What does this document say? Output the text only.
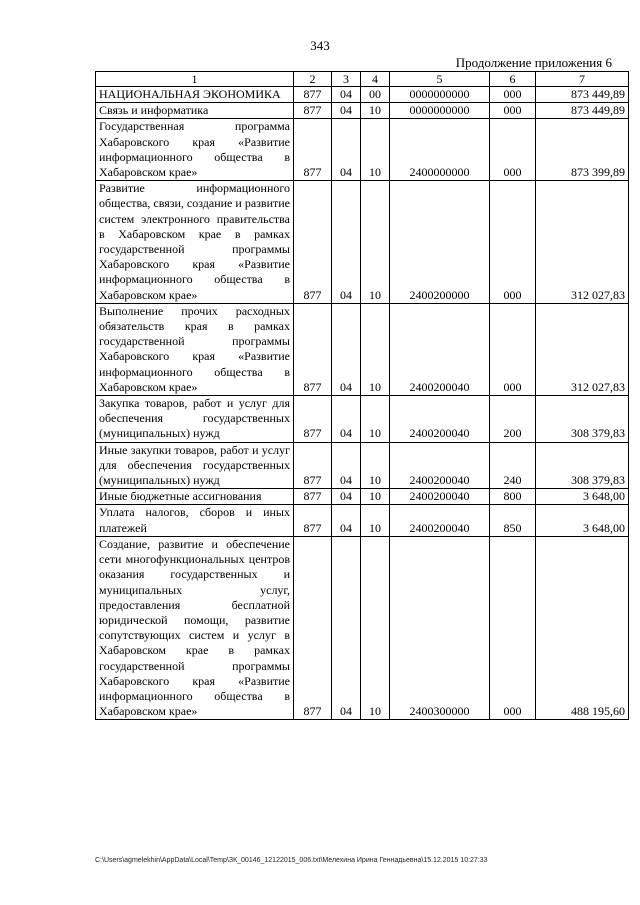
343
Продолжение приложения 6
1	2	3	4	5	6	7
НАЦИОНАЛЬНАЯ ЭКОНОМИКА	877	04	00	0000000000	000	873 449,89
Связь и информатика	877	04	10	0000000000	000	873 449,89
Государственная программа Хабаровского края «Развитие информационного общества в Хабаровском крае»	877	04	10	2400000000	000	873 399,89
Развитие информационного общества, связи, создание и развитие систем электронного правительства в Хабаровском крае в рамках государственной программы Хабаровского края «Развитие информационного общества в Хабаровском крае»	877	04	10	2400200000	000	312 027,83
Выполнение прочих расходных обязательств края в рамках государственной программы Хабаровского края «Развитие информационного общества в Хабаровском крае»	877	04	10	2400200040	000	312 027,83
Закупка товаров, работ и услуг для обеспечения государственных (муниципальных) нужд	877	04	10	2400200040	200	308 379,83
Иные закупки товаров, работ и услуг для обеспечения государственных (муниципальных) нужд	877	04	10	2400200040	240	308 379,83
Иные бюджетные ассигнования	877	04	10	2400200040	800	3 648,00
Уплата налогов, сборов и иных платежей	877	04	10	2400200040	850	3 648,00
Создание, развитие и обеспечение сети многофункциональных центров оказания государственных и муниципальных услуг, предоставления бесплатной юридической помощи, развитие сопутствующих систем и услуг в Хабаровском крае в рамках государственной программы Хабаровского края «Развитие информационного общества в Хабаровском крае»	877	04	10	2400300000	000	488 195,60
C:\Users\agmelekhin\AppData\Local\Temp\ЗК_00146_12122015_006.txt\Мелехина Ирина Геннадьевна\15.12.2015 10:27:33
